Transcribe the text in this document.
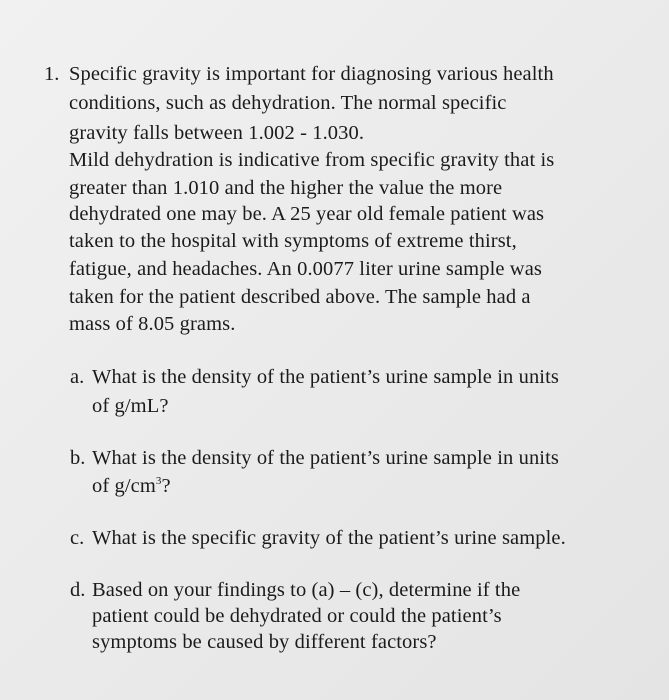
1. Specific gravity is important for diagnosing various health
conditions, such as dehydration. The normal specific
gravity falls between 1.002 - 1.030.
Mild dehydration is indicative from specific gravity that is
greater than 1.010 and the higher the value the more
dehydrated one may be. A 25 year old female patient was
taken to the hospital with symptoms of extreme thirst,
fatigue, and headaches. An 0.0077 liter urine sample was
taken for the patient described above. The sample had a
mass of 8.05 grams.
a. What is the density of the patient’s urine sample in units
of g/mL?
b. What is the density of the patient’s urine sample in units
of $g/cm^3$?
c. What is the specific gravity of the patient’s urine sample.
d. Based on your findings to (a) – (c), determine if the
patient could be dehydrated or could the patient’s
symptoms be caused by different factors?
